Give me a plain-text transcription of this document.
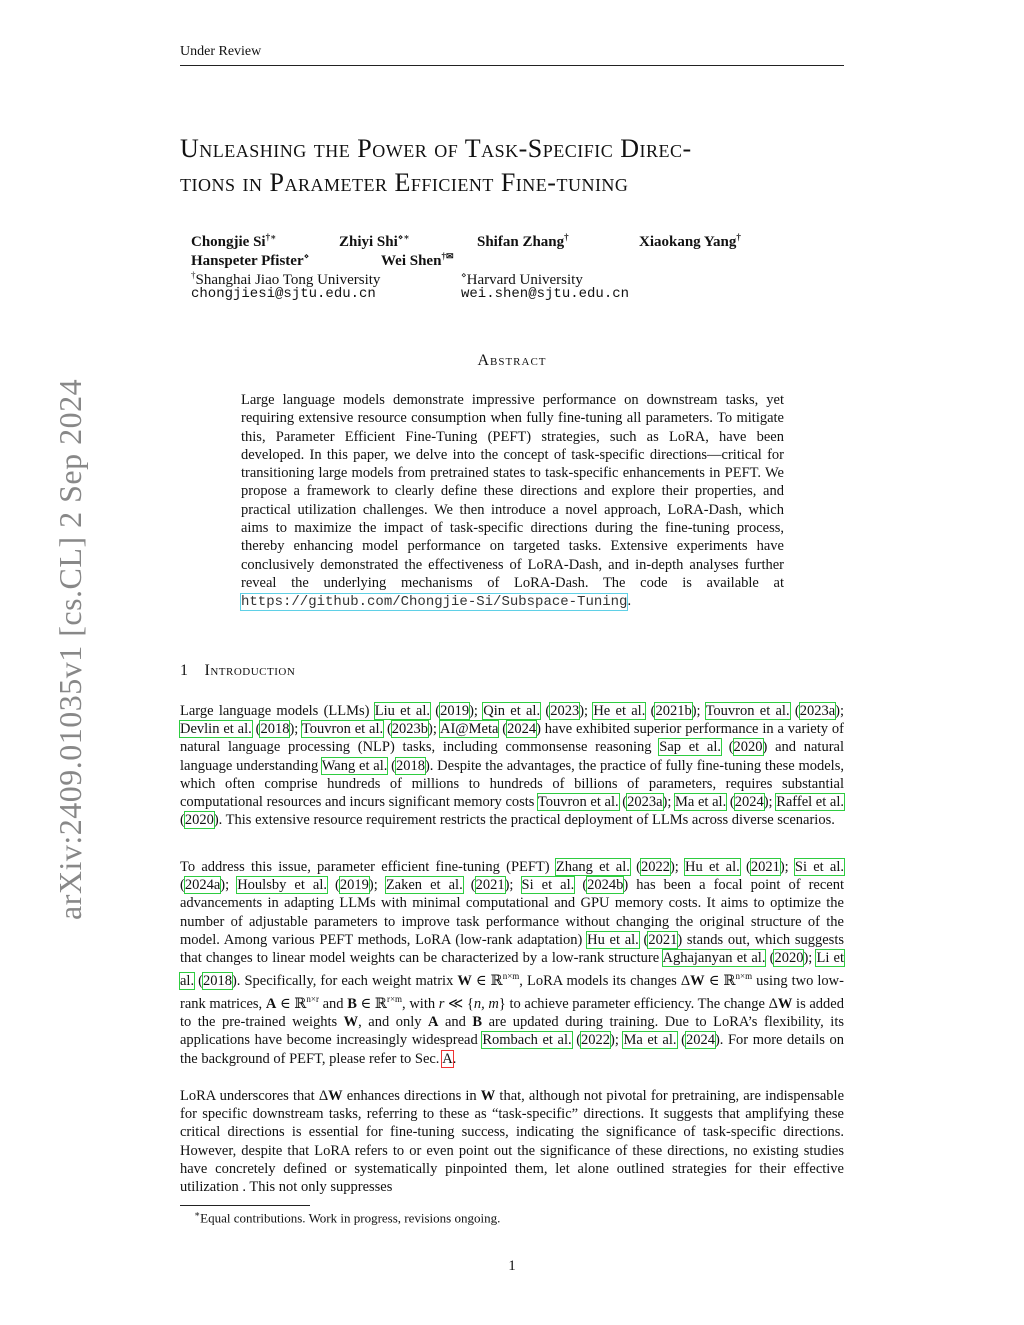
Under Review
arXiv:2409.01035v1 [cs.CL] 2 Sep 2024
Unleashing the Power of Task-Specific Direc-
tions in Parameter Efficient Fine-tuning
Chongjie Si†∗	Zhiyi Shi⋄∗	Shifan Zhang†	Xiaokang Yang†
Hanspeter Pfister⋄	Wei Shen†✉
†Shanghai Jiao Tong University	⋄Harvard University
chongjiesi@sjtu.edu.cn	wei.shen@sjtu.edu.cn
Abstract
Large language models demonstrate impressive performance on downstream tasks, yet requiring extensive resource consumption when fully fine-tuning all parameters. To mitigate this, Parameter Efficient Fine-Tuning (PEFT) strategies, such as LoRA, have been developed. In this paper, we delve into the concept of task-specific directions—critical for transitioning large models from pretrained states to task-specific enhancements in PEFT. We propose a framework to clearly define these directions and explore their properties, and practical utilization challenges. We then introduce a novel approach, LoRA-Dash, which aims to maximize the impact of task-specific directions during the fine-tuning process, thereby enhancing model performance on targeted tasks. Extensive experiments have conclusively demonstrated the effectiveness of LoRA-Dash, and in-depth analyses further reveal the underlying mechanisms of LoRA-Dash. The code is available at https://github.com/Chongjie-Si/Subspace-Tuning.
1 Introduction
Large language models (LLMs) Liu et al. (2019); Qin et al. (2023); He et al. (2021b); Touvron et al. (2023a); Devlin et al. (2018); Touvron et al. (2023b); AI@Meta (2024) have exhibited superior performance in a variety of natural language processing (NLP) tasks, including commonsense reasoning Sap et al. (2020) and natural language understanding Wang et al. (2018). Despite the advantages, the practice of fully fine-tuning these models, which often comprise hundreds of millions to hundreds of billions of parameters, requires substantial computational resources and incurs significant memory costs Touvron et al. (2023a); Ma et al. (2024); Raffel et al. (2020). This extensive resource requirement restricts the practical deployment of LLMs across diverse scenarios.
To address this issue, parameter efficient fine-tuning (PEFT) Zhang et al. (2022); Hu et al. (2021); Si et al. (2024a); Houlsby et al. (2019); Zaken et al. (2021); Si et al. (2024b) has been a focal point of recent advancements in adapting LLMs with minimal computational and GPU memory costs. It aims to optimize the number of adjustable parameters to improve task performance without changing the original structure of the model. Among various PEFT methods, LoRA (low-rank adaptation) Hu et al. (2021) stands out, which suggests that changes to linear model weights can be characterized by a low-rank structure Aghajanyan et al. (2020); Li et al. (2018). Specifically, for each weight matrix W ∈ ℝ$^{n\times m}$, LoRA models its changes ΔW ∈ ℝ$^{n\times m}$ using two low-rank matrices, A ∈ ℝ$^{n\times r}$ and B ∈ ℝ$^{r\times m}$, with r ≪ {n, m} to achieve parameter efficiency. The change ΔW is added to the pre-trained weights W, and only A and B are updated during training. Due to LoRA’s flexibility, its applications have become increasingly widespread Rombach et al. (2022); Ma et al. (2024). For more details on the background of PEFT, please refer to Sec. A.
LoRA underscores that ΔW enhances directions in W that, although not pivotal for pretraining, are indispensable for specific downstream tasks, referring to these as “task-specific” directions. It suggests that amplifying these critical directions is essential for fine-tuning success, indicating the significance of task-specific directions. However, despite that LoRA refers to or even point out the significance of these directions, no existing studies have concretely defined or systematically pinpointed them, let alone outlined strategies for their effective utilization . This not only suppresses
∗Equal contributions. Work in progress, revisions ongoing.
1
